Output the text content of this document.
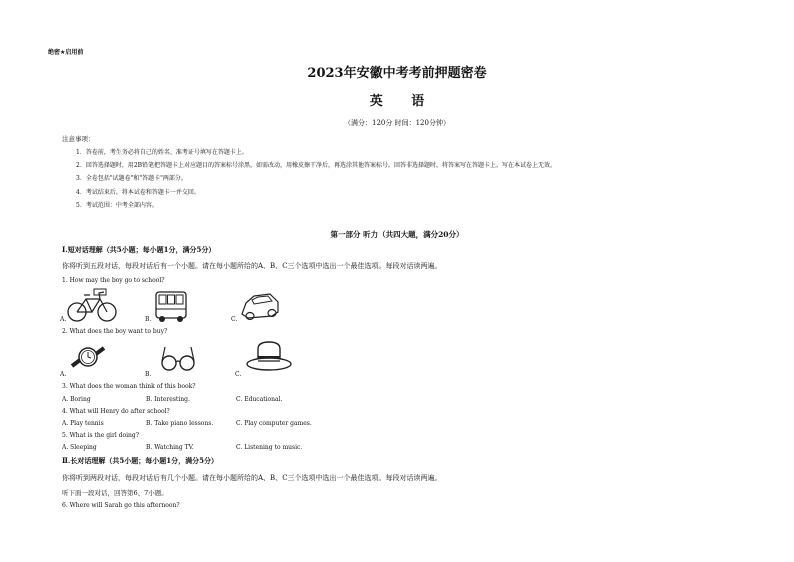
绝密★启用前
2023年安徽中考考前押题密卷
英 语
（满分：120分 时间：120分钟）
注意事项：
1．答卷前，考生务必将自己的姓名、准考证号填写在答题卡上。
2．回答选择题时，用2B铅笔把答题卡上对应题目的答案标号涂黑。如需改动，用橡皮擦干净后，再选涂其他答案标号。回答非选择题时，将答案写在答题卡上。写在本试卷上无效。
3．全卷包括"试题卷"和"答题卡"两部分。
4．考试结束后，将本试卷和答题卡一并交回。
5．考试范围：中考全部内容。
第一部分 听力（共四大题，满分20分）
Ⅰ.短对话理解（共5小题；每小题1分，满分5分）
你将听到五段对话，每段对话后有一个小题。请在每小题所给的A、B、C三个选项中选出一个最佳选项。每段对话读两遍。
1. How may the boy go to school?
A.	B.	C.
2. What does the boy want to buy?
A.	B.	C.
3. What does the woman think of this book?
A. Boring	B. Interesting.	C. Educational.
4. What will Henry do after school?
A. Play tennis	B. Take piano lessons.	C. Play computer games.
5. What is the girl doing?
A. Sleeping	B. Watching TV.	C. Listening to music.
Ⅱ.长对话理解（共5小题；每小题1分，满分5分）
你将听到两段对话，每段对话后有几个小题。请在每小题所给的A、B、C三个选项中选出一个最佳选项。每段对话读两遍。
听下面一段对话，回答第6、7小题。
6. Where will Sarah go this afternoon?
